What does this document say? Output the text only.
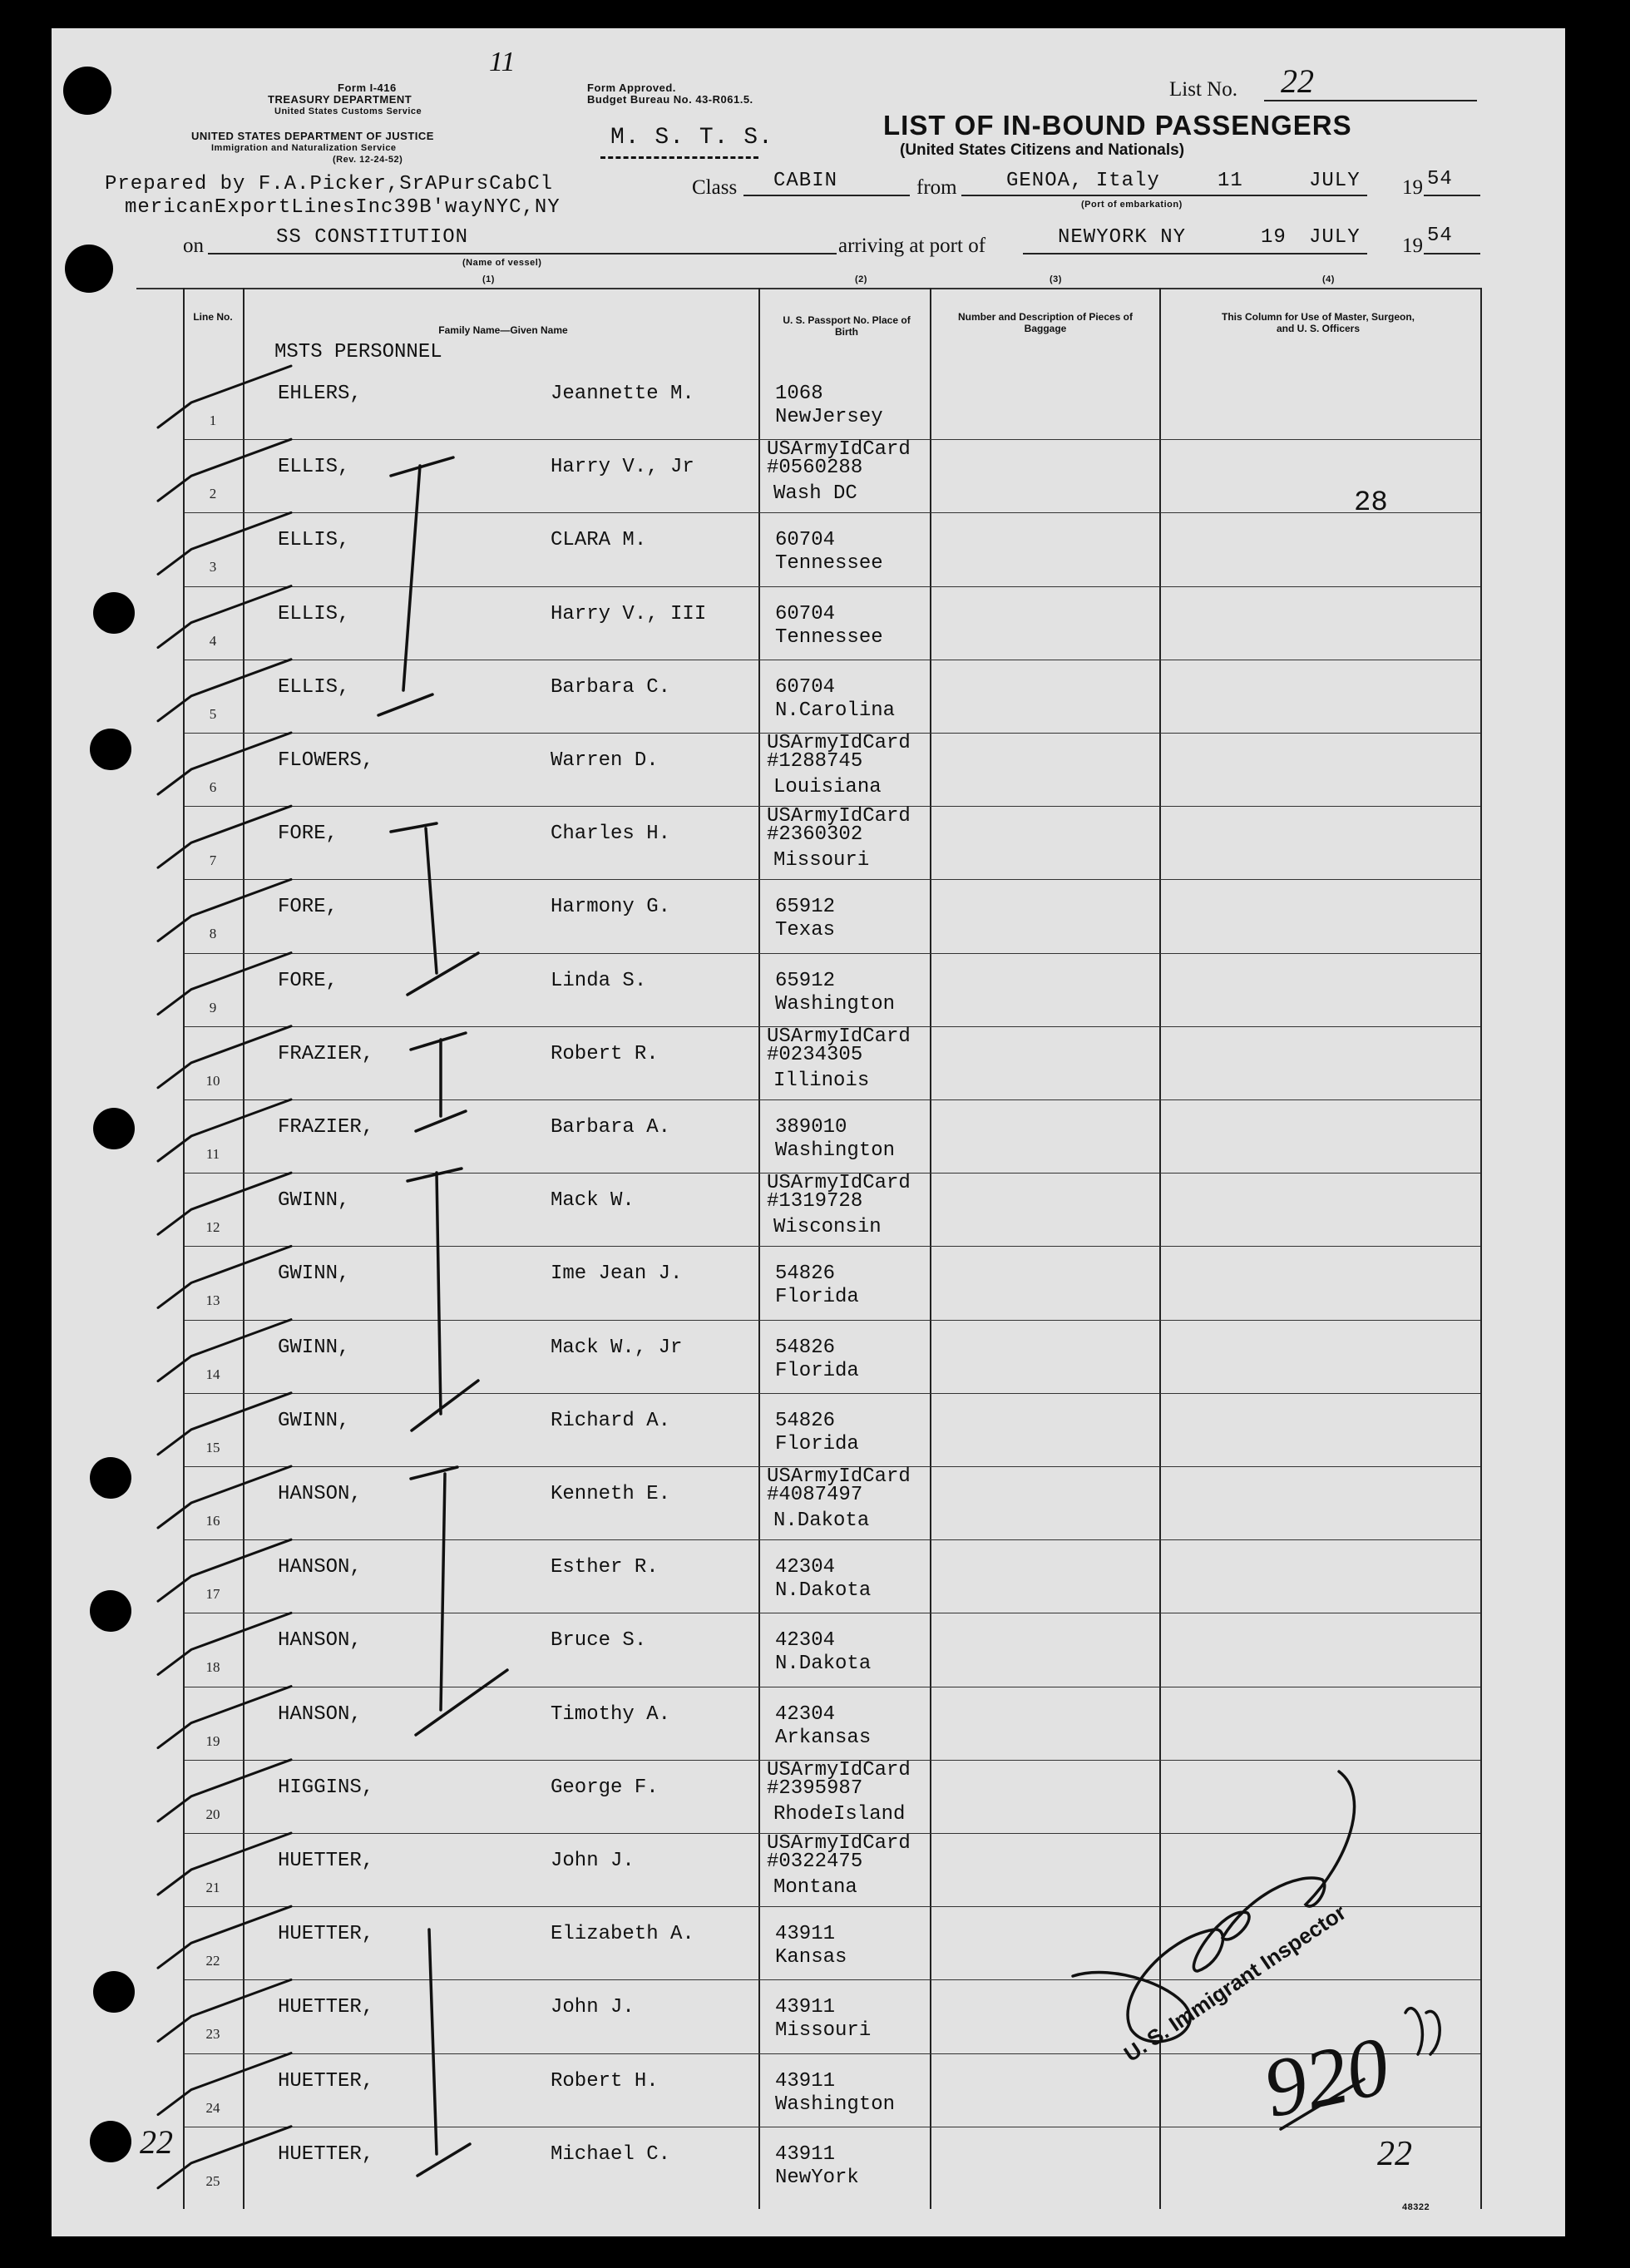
Form I-416
TREASURY DEPARTMENT
United States Customs Service
UNITED STATES DEPARTMENT OF JUSTICE
Immigration and Naturalization Service
(Rev. 12-24-52)
11
Form Approved.
Budget Bureau No. 43-R061.5.
M. S. T. S.
List No. 22
LIST OF IN-BOUND PASSENGERS
(United States Citizens and Nationals)
Prepared by F.A.Picker,SrAPursCabCl
mericanExportLinesInc39B'wayNYC,NY
Class CABIN	from GENOA, Italy	11	JULY 19 54
(Port of embarkation)
on	SS CONSTITUTION
(Name of vessel)
arriving at port of	NEWYORK NY	19 JULY 19 54
(1)	(2)	(3)	(4)
Line No.
Family Name—Given Name
U. S. Passport No. Place of Birth
Number and Description of Pieces of Baggage
This Column for Use of Master, Surgeon, and U. S. Officers
MSTS PERSONNEL
1
EHLERS,	Jeannette M.	1068
NewJersey
2
ELLIS,	Harry V., Jr
USArmyIdCard #0560288
Wash DC
3
ELLIS,	CLARA M.	60704
Tennessee
4
ELLIS,	Harry V., III	60704
Tennessee
5
ELLIS,	Barbara C.	60704
N.Carolina
6
FLOWERS,	Warren D.
USArmyIdCard #1288745
Louisiana
7
FORE,	Charles H.
USArmyIdCard #2360302
Missouri
8
FORE,	Harmony G.	65912
Texas
9
FORE,	Linda S.	65912
Washington
10
FRAZIER,	Robert R.
USArmyIdCard #0234305
Illinois
11
FRAZIER,	Barbara A.	389010
Washington
12
GWINN,	Mack W.
USArmyIdCard #1319728
Wisconsin
13
GWINN,	Ime Jean J.	54826
Florida
14
GWINN,	Mack W., Jr	54826
Florida
15
GWINN,	Richard A.	54826
Florida
16
HANSON,	Kenneth E.
USArmyIdCard #4087497
N.Dakota
17
HANSON,	Esther R.	42304
N.Dakota
18
HANSON,	Bruce S.	42304
N.Dakota
19
HANSON,	Timothy A.	42304
Arkansas
20
HIGGINS,	George F.
USArmyIdCard #2395987
RhodeIsland
21
HUETTER,	John J.
USArmyIdCard #0322475
Montana
22
HUETTER,	Elizabeth A.	43911
Kansas
23
HUETTER,	John J.	43911
Missouri
24
HUETTER,	Robert H.	43911
Washington
25
HUETTER,	Michael C.	43911
NewYork
28
22	22
48322
U. S. Immigrant Inspector
920
